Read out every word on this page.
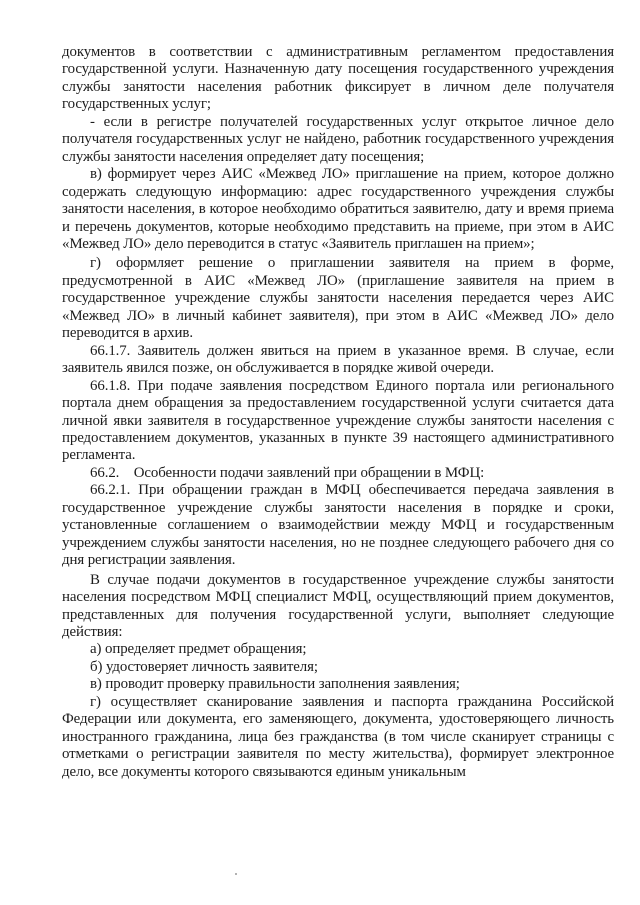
документов в соответствии с административным регламентом предоставления государственной услуги. Назначенную дату посещения государственного учреждения службы занятости населения работник фиксирует в личном деле получателя государственных услуг;

- если в регистре получателей государственных услуг открытое личное дело получателя государственных услуг не найдено, работник государственного учреждения службы занятости населения определяет дату посещения;

в) формирует через АИС «Межвед ЛО» приглашение на прием, которое должно содержать следующую информацию: адрес государственного учреждения службы занятости населения, в которое необходимо обратиться заявителю, дату и время приема и перечень документов, которые необходимо представить на приеме, при этом в АИС «Межвед ЛО» дело переводится в статус «Заявитель приглашен на прием»;

г) оформляет решение о приглашении заявителя на прием в форме, предусмотренной в АИС «Межвед ЛО» (приглашение заявителя на прием в государственное учреждение службы занятости населения передается через АИС «Межвед ЛО» в личный кабинет заявителя), при этом в АИС «Межвед ЛО» дело переводится в архив.

66.1.7. Заявитель должен явиться на прием в указанное время. В случае, если заявитель явился позже, он обслуживается в порядке живой очереди.

66.1.8. При подаче заявления посредством Единого портала или регионального портала днем обращения за предоставлением государственной услуги считается дата личной явки заявителя в государственное учреждение службы занятости населения с предоставлением документов, указанных в пункте 39 настоящего административного регламента.

66.2.    Особенности подачи заявлений при обращении в МФЦ:

66.2.1. При обращении граждан в МФЦ обеспечивается передача заявления в государственное учреждение службы занятости населения в порядке и сроки, установленные соглашением о взаимодействии между МФЦ и государственным учреждением службы занятости населения, но не позднее следующего рабочего дня со дня регистрации заявления.

В случае подачи документов в государственное учреждение службы занятости населения посредством МФЦ специалист МФЦ, осуществляющий прием документов, представленных для получения государственной услуги, выполняет следующие действия:

а) определяет предмет обращения;

б) удостоверяет личность заявителя;

в) проводит проверку правильности заполнения заявления;

г) осуществляет сканирование заявления и паспорта гражданина Российской Федерации или документа, его заменяющего, документа, удостоверяющего личность иностранного гражданина, лица без гражданства (в том числе сканирует страницы с отметками о регистрации заявителя по месту жительства), формирует электронное дело, все документы которого связываются единым уникальным
